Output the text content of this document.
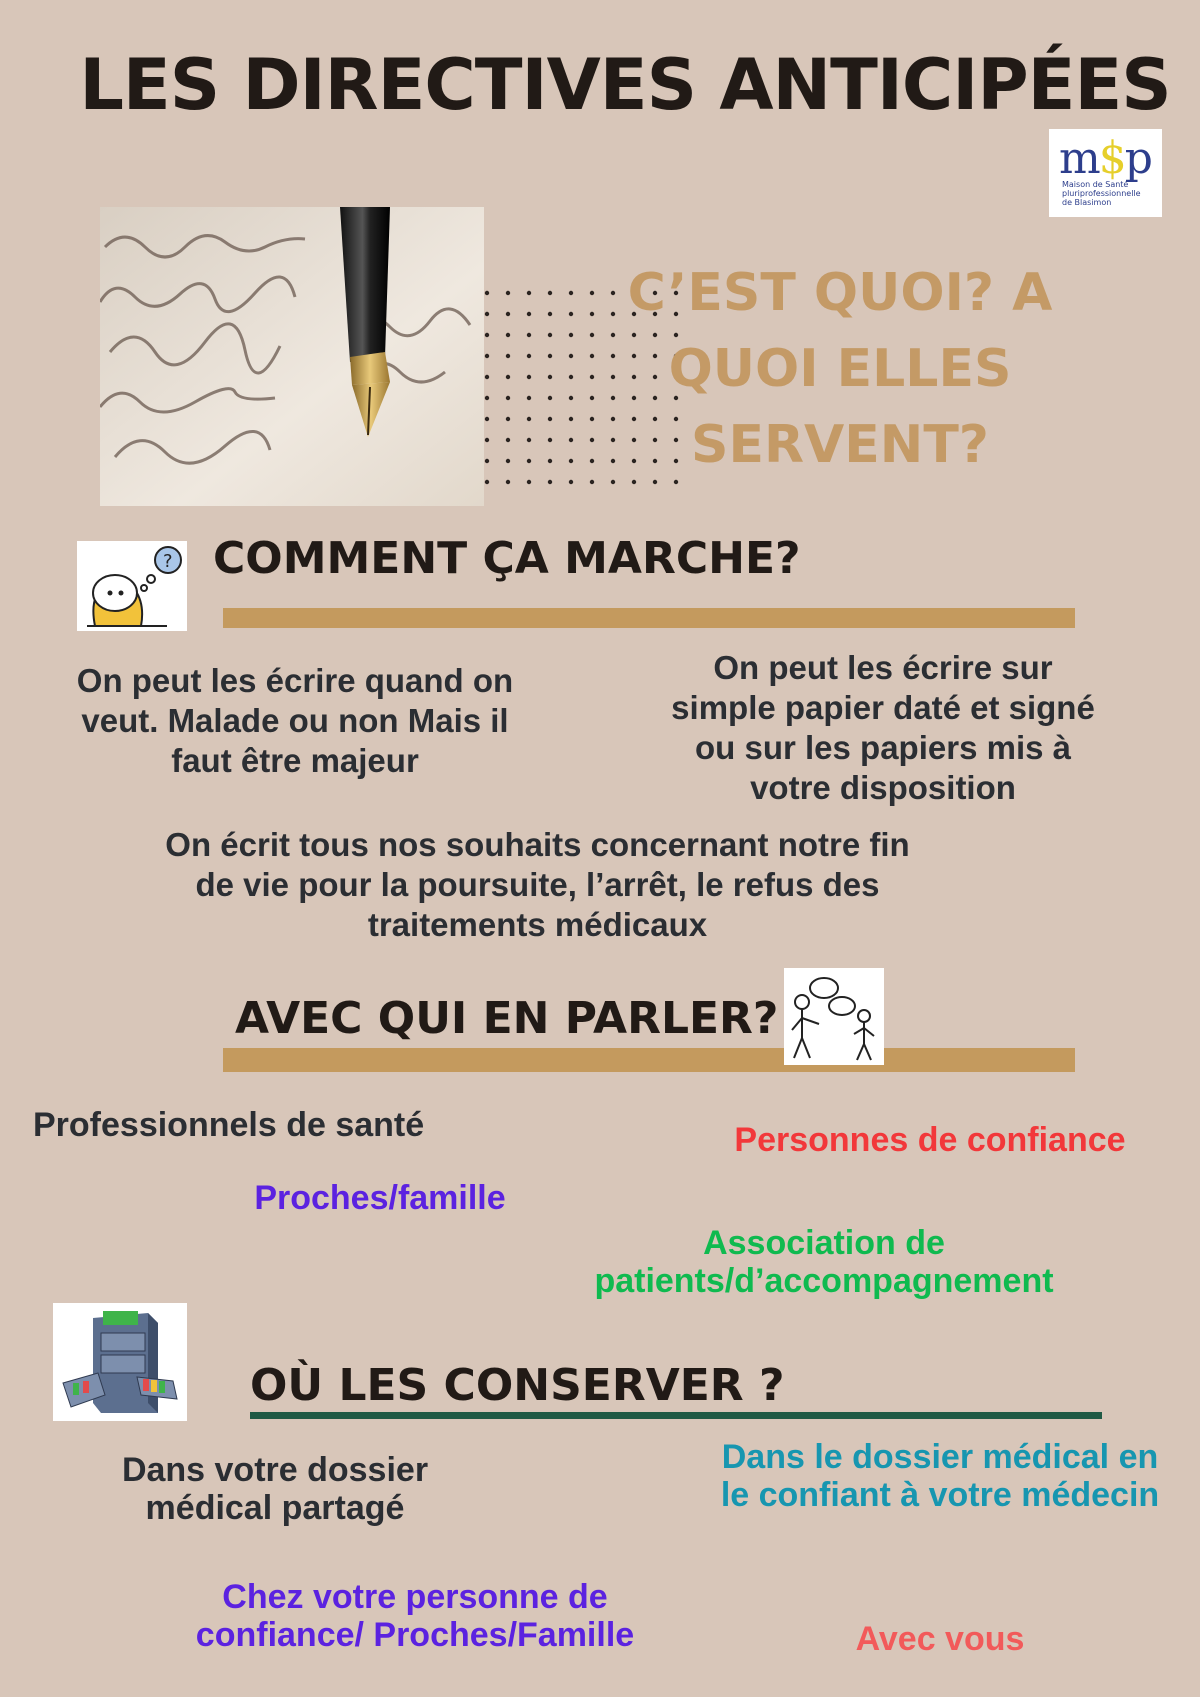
LES DIRECTIVES ANTICIPÉES
m$p
Maison de Santé
pluriprofessionnelle
de Blasimon
C’EST QUOI? A QUOI ELLES SERVENT?
? COMMENT ÇA MARCHE?
On peut les écrire quand on veut. Malade ou non Mais il faut être majeur
On peut les écrire sur simple papier daté et signé ou sur les papiers mis à votre disposition
On écrit tous nos souhaits concernant notre fin de vie pour la poursuite, l’arrêt, le refus des traitements médicaux
AVEC QUI EN PARLER?
Professionnels de santé	Personnes de confiance
Proches/famille
Association de patients/d’accompagnement
OÙ LES CONSERVER ?
Dans votre dossier médical partagé
Dans le dossier médical en le confiant à votre médecin
Chez votre personne de confiance/ Proches/Famille	Avec vous
